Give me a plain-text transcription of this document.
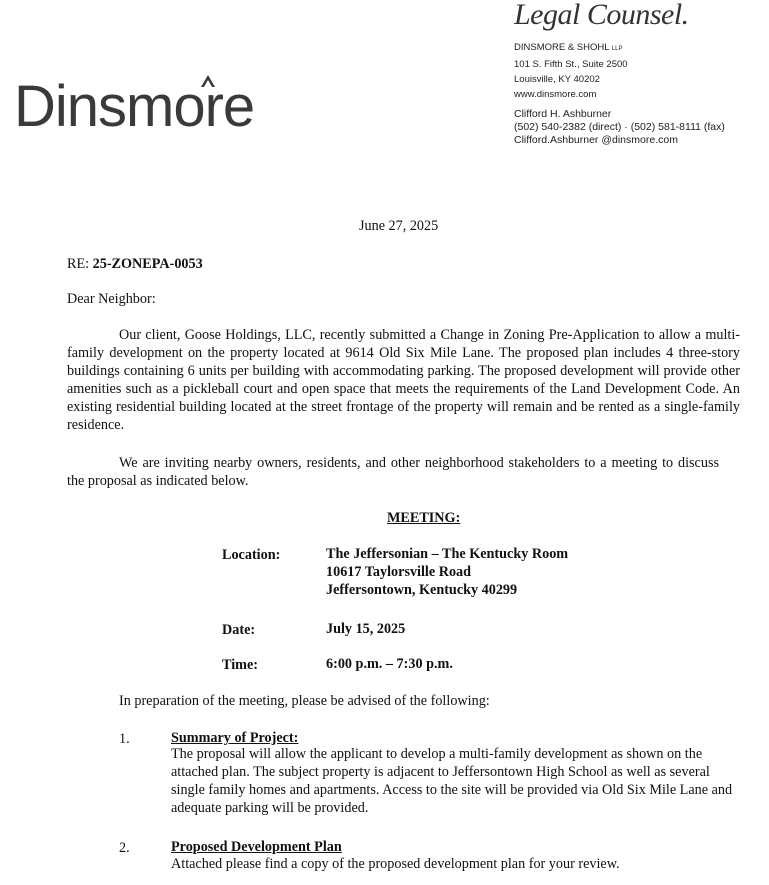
Dinsmore
Legal Counsel.
DINSMORE & SHOHL LLP
101 S. Fifth St., Suite 2500
Louisville, KY 40202
www.dinsmore.com
Clifford H. Ashburner
(502) 540-2382 (direct) · (502) 581-8111 (fax)
Clifford.Ashburner @dinsmore.com
June 27, 2025
RE: 25-ZONEPA-0053
Dear Neighbor:
Our client, Goose Holdings, LLC, recently submitted a Change in Zoning Pre-Application to allow a multi-family development on the property located at 9614 Old Six Mile Lane. The proposed plan includes 4 three-story buildings containing 6 units per building with accommodating parking. The proposed development will provide other amenities such as a pickleball court and open space that meets the requirements of the Land Development Code. An existing residential building located at the street frontage of the property will remain and be rented as a single-family residence.
We are inviting nearby owners, residents, and other neighborhood stakeholders to a meeting to discuss the proposal as indicated below.
MEETING:
Location:	The Jeffersonian – The Kentucky Room
10617 Taylorsville Road
Jeffersontown, Kentucky 40299
Date:	July 15, 2025
Time:	6:00 p.m. – 7:30 p.m.
In preparation of the meeting, please be advised of the following:
1.	Summary of Project:
The proposal will allow the applicant to develop a multi-family development as shown on the attached plan. The subject property is adjacent to Jeffersontown High School as well as several single family homes and apartments. Access to the site will be provided via Old Six Mile Lane and adequate parking will be provided.
2.	Proposed Development Plan
Attached please find a copy of the proposed development plan for your review.
